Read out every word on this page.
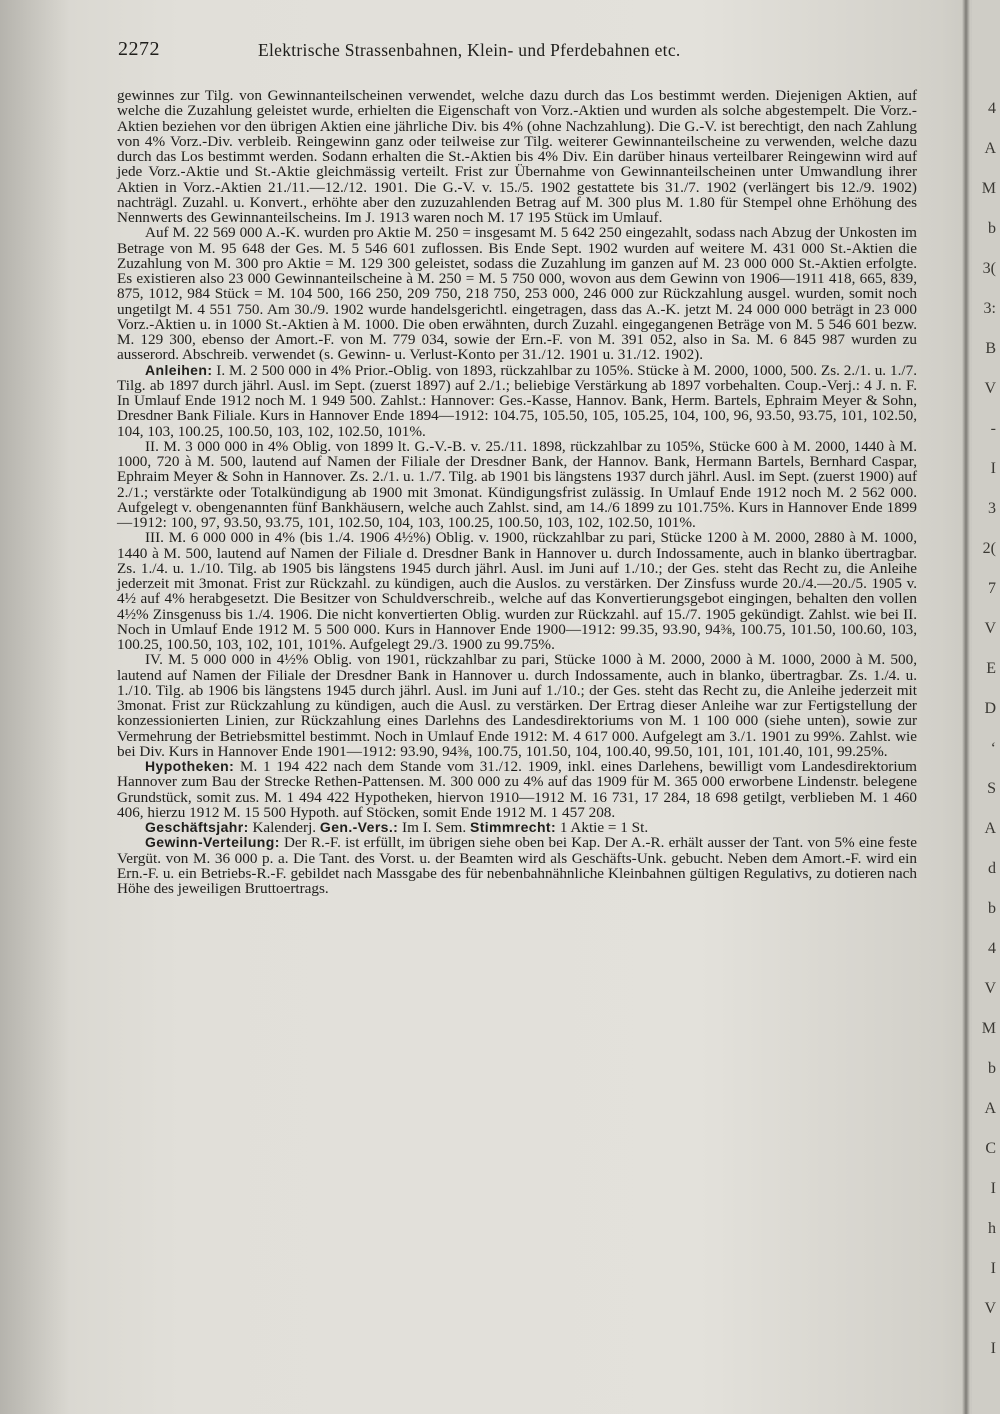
4
A
M
b
3(
3:
B
V
-
I
3
2(
7
V
E
D
‘
S
A
d
b
4
V
M
b
A
C
I
h
I
V
I
2272	Elektrische Strassenbahnen, Klein- und Pferdebahnen etc.

gewinnes zur Tilg. von Gewinnanteilscheinen verwendet, welche dazu durch das Los bestimmt werden. Diejenigen Aktien, auf welche die Zuzahlung geleistet wurde, erhielten die Eigenschaft von Vorz.-Aktien und wurden als solche abgestempelt. Die Vorz.-Aktien beziehen vor den übrigen Aktien eine jährliche Div. bis 4% (ohne Nachzahlung). Die G.-V. ist berechtigt, den nach Zahlung von 4% Vorz.-Div. verbleib. Reingewinn ganz oder teilweise zur Tilg. weiterer Gewinnanteilscheine zu verwenden, welche dazu durch das Los bestimmt werden. Sodann erhalten die St.-Aktien bis 4% Div. Ein darüber hinaus verteilbarer Reingewinn wird auf jede Vorz.-Aktie und St.-Aktie gleichmässig verteilt. Frist zur Übernahme von Gewinnanteilscheinen unter Umwandlung ihrer Aktien in Vorz.-Aktien 21./11.—12./12. 1901. Die G.-V. v. 15./5. 1902 gestattete bis 31./7. 1902 (verlängert bis 12./9. 1902) nachträgl. Zuzahl. u. Konvert., erhöhte aber den zuzuzahlenden Betrag auf M. 300 plus M. 1.80 für Stempel ohne Erhöhung des Nennwerts des Gewinnanteilscheins. Im J. 1913 waren noch M. 17 195 Stück im Umlauf.

Auf M. 22 569 000 A.-K. wurden pro Aktie M. 250 = insgesamt M. 5 642 250 eingezahlt, sodass nach Abzug der Unkosten im Betrage von M. 95 648 der Ges. M. 5 546 601 zuflossen. Bis Ende Sept. 1902 wurden auf weitere M. 431 000 St.-Aktien die Zuzahlung von M. 300 pro Aktie = M. 129 300 geleistet, sodass die Zuzahlung im ganzen auf M. 23 000 000 St.-Aktien erfolgte. Es existieren also 23 000 Gewinnanteilscheine à M. 250 = M. 5 750 000, wovon aus dem Gewinn von 1906—1911 418, 665, 839, 875, 1012, 984 Stück = M. 104 500, 166 250, 209 750, 218 750, 253 000, 246 000 zur Rückzahlung ausgel. wurden, somit noch ungetilgt M. 4 551 750. Am 30./9. 1902 wurde handelsgerichtl. eingetragen, dass das A.-K. jetzt M. 24 000 000 beträgt in 23 000 Vorz.-Aktien u. in 1000 St.-Aktien à M. 1000. Die oben erwähnten, durch Zuzahl. eingegangenen Beträge von M. 5 546 601 bezw. M. 129 300, ebenso der Amort.-F. von M. 779 034, sowie der Ern.-F. von M. 391 052, also in Sa. M. 6 845 987 wurden zu ausserord. Abschreib. verwendet (s. Gewinn- u. Verlust-Konto per 31./12. 1901 u. 31./12. 1902).

Anleihen: I. M. 2 500 000 in 4% Prior.-Oblig. von 1893, rückzahlbar zu 105%. Stücke à M. 2000, 1000, 500. Zs. 2./1. u. 1./7. Tilg. ab 1897 durch jährl. Ausl. im Sept. (zuerst 1897) auf 2./1.; beliebige Verstärkung ab 1897 vorbehalten. Coup.-Verj.: 4 J. n. F. In Umlauf Ende 1912 noch M. 1 949 500. Zahlst.: Hannover: Ges.-Kasse, Hannov. Bank, Herm. Bartels, Ephraim Meyer & Sohn, Dresdner Bank Filiale. Kurs in Hannover Ende 1894—1912: 104.75, 105.50, 105, 105.25, 104, 100, 96, 93.50, 93.75, 101, 102.50, 104, 103, 100.25, 100.50, 103, 102, 102.50, 101%.

II. M. 3 000 000 in 4% Oblig. von 1899 lt. G.-V.-B. v. 25./11. 1898, rückzahlbar zu 105%, Stücke 600 à M. 2000, 1440 à M. 1000, 720 à M. 500, lautend auf Namen der Filiale der Dresdner Bank, der Hannov. Bank, Hermann Bartels, Bernhard Caspar, Ephraim Meyer & Sohn in Hannover. Zs. 2./1. u. 1./7. Tilg. ab 1901 bis längstens 1937 durch jährl. Ausl. im Sept. (zuerst 1900) auf 2./1.; verstärkte oder Totalkündigung ab 1900 mit 3monat. Kündigungsfrist zulässig. In Umlauf Ende 1912 noch M. 2 562 000. Aufgelegt v. obengenannten fünf Bankhäusern, welche auch Zahlst. sind, am 14./6 1899 zu 101.75%. Kurs in Hannover Ende 1899—1912: 100, 97, 93.50, 93.75, 101, 102.50, 104, 103, 100.25, 100.50, 103, 102, 102.50, 101%.

III. M. 6 000 000 in 4% (bis 1./4. 1906 4½%) Oblig. v. 1900, rückzahlbar zu pari, Stücke 1200 à M. 2000, 2880 à M. 1000, 1440 à M. 500, lautend auf Namen der Filiale d. Dresdner Bank in Hannover u. durch Indossamente, auch in blanko übertragbar. Zs. 1./4. u. 1./10. Tilg. ab 1905 bis längstens 1945 durch jährl. Ausl. im Juni auf 1./10.; der Ges. steht das Recht zu, die Anleihe jederzeit mit 3monat. Frist zur Rückzahl. zu kündigen, auch die Auslos. zu verstärken. Der Zinsfuss wurde 20./4.—20./5. 1905 v. 4½ auf 4% herabgesetzt. Die Besitzer von Schuldverschreib., welche auf das Konvertierungsgebot eingingen, behalten den vollen 4½% Zinsgenuss bis 1./4. 1906. Die nicht konvertierten Oblig. wurden zur Rückzahl. auf 15./7. 1905 gekündigt. Zahlst. wie bei II. Noch in Umlauf Ende 1912 M. 5 500 000. Kurs in Hannover Ende 1900—1912: 99.35, 93.90, 94⅜, 100.75, 101.50, 100.60, 103, 100.25, 100.50, 103, 102, 101, 101%. Aufgelegt 29./3. 1900 zu 99.75%.

IV. M. 5 000 000 in 4½% Oblig. von 1901, rückzahlbar zu pari, Stücke 1000 à M. 2000, 2000 à M. 1000, 2000 à M. 500, lautend auf Namen der Filiale der Dresdner Bank in Hannover u. durch Indossamente, auch in blanko, übertragbar. Zs. 1./4. u. 1./10. Tilg. ab 1906 bis längstens 1945 durch jährl. Ausl. im Juni auf 1./10.; der Ges. steht das Recht zu, die Anleihe jederzeit mit 3monat. Frist zur Rückzahlung zu kündigen, auch die Ausl. zu verstärken. Der Ertrag dieser Anleihe war zur Fertigstellung der konzessionierten Linien, zur Rückzahlung eines Darlehns des Landesdirektoriums von M. 1 100 000 (siehe unten), sowie zur Vermehrung der Betriebsmittel bestimmt. Noch in Umlauf Ende 1912: M. 4 617 000. Aufgelegt am 3./1. 1901 zu 99%. Zahlst. wie bei Div. Kurs in Hannover Ende 1901—1912: 93.90, 94⅜, 100.75, 101.50, 104, 100.40, 99.50, 101, 101, 101.40, 101, 99.25%.

Hypotheken: M. 1 194 422 nach dem Stande vom 31./12. 1909, inkl. eines Darlehens, bewilligt vom Landesdirektorium Hannover zum Bau der Strecke Rethen-Pattensen. M. 300 000 zu 4% auf das 1909 für M. 365 000 erworbene Lindenstr. belegene Grundstück, somit zus. M. 1 494 422 Hypotheken, hiervon 1910—1912 M. 16 731, 17 284, 18 698 getilgt, verblieben M. 1 460 406, hierzu 1912 M. 15 500 Hypoth. auf Stöcken, somit Ende 1912 M. 1 457 208.

Geschäftsjahr: Kalenderj. Gen.-Vers.: Im I. Sem. Stimmrecht: 1 Aktie = 1 St.

Gewinn-Verteilung: Der R.-F. ist erfüllt, im übrigen siehe oben bei Kap. Der A.-R. erhält ausser der Tant. von 5% eine feste Vergüt. von M. 36 000 p. a. Die Tant. des Vorst. u. der Beamten wird als Geschäfts-Unk. gebucht. Neben dem Amort.-F. wird ein Ern.-F. u. ein Betriebs-R.-F. gebildet nach Massgabe des für nebenbahnähnliche Kleinbahnen gültigen Regulativs, zu dotieren nach Höhe des jeweiligen Bruttoertrags.
